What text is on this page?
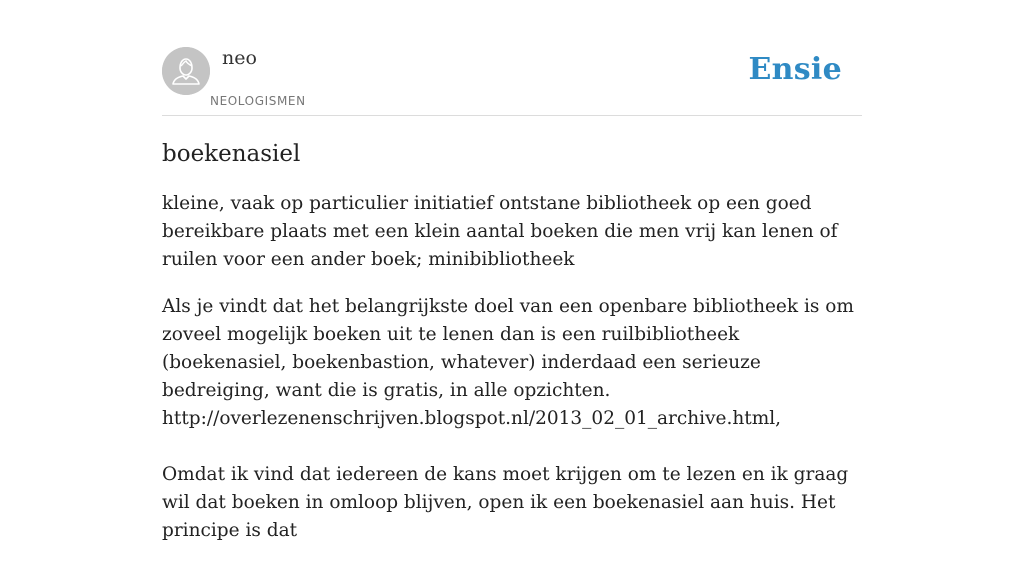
neo
NEOLOGISMEN
Ensie
boekenasiel
kleine, vaak op particulier initiatief ontstane bibliotheek op een goed bereikbare plaats met een klein aantal boeken die men vrij kan lenen of ruilen voor een ander boek; minibibliotheek

Als je vindt dat het belangrijkste doel van een openbare bibliotheek is om zoveel mogelijk boeken uit te lenen dan is een ruilbibliotheek (boekenasiel, boekenbastion, whatever) inderdaad een serieuze bedreiging, want die is gratis, in alle opzichten. http://overlezenenschrijven.blogspot.nl/2013_02_01_archive.html,

Omdat ik vind dat iedereen de kans moet krijgen om te lezen en ik graag wil dat boeken in omloop blijven, open ik een boekenasiel aan huis. Het principe is dat
